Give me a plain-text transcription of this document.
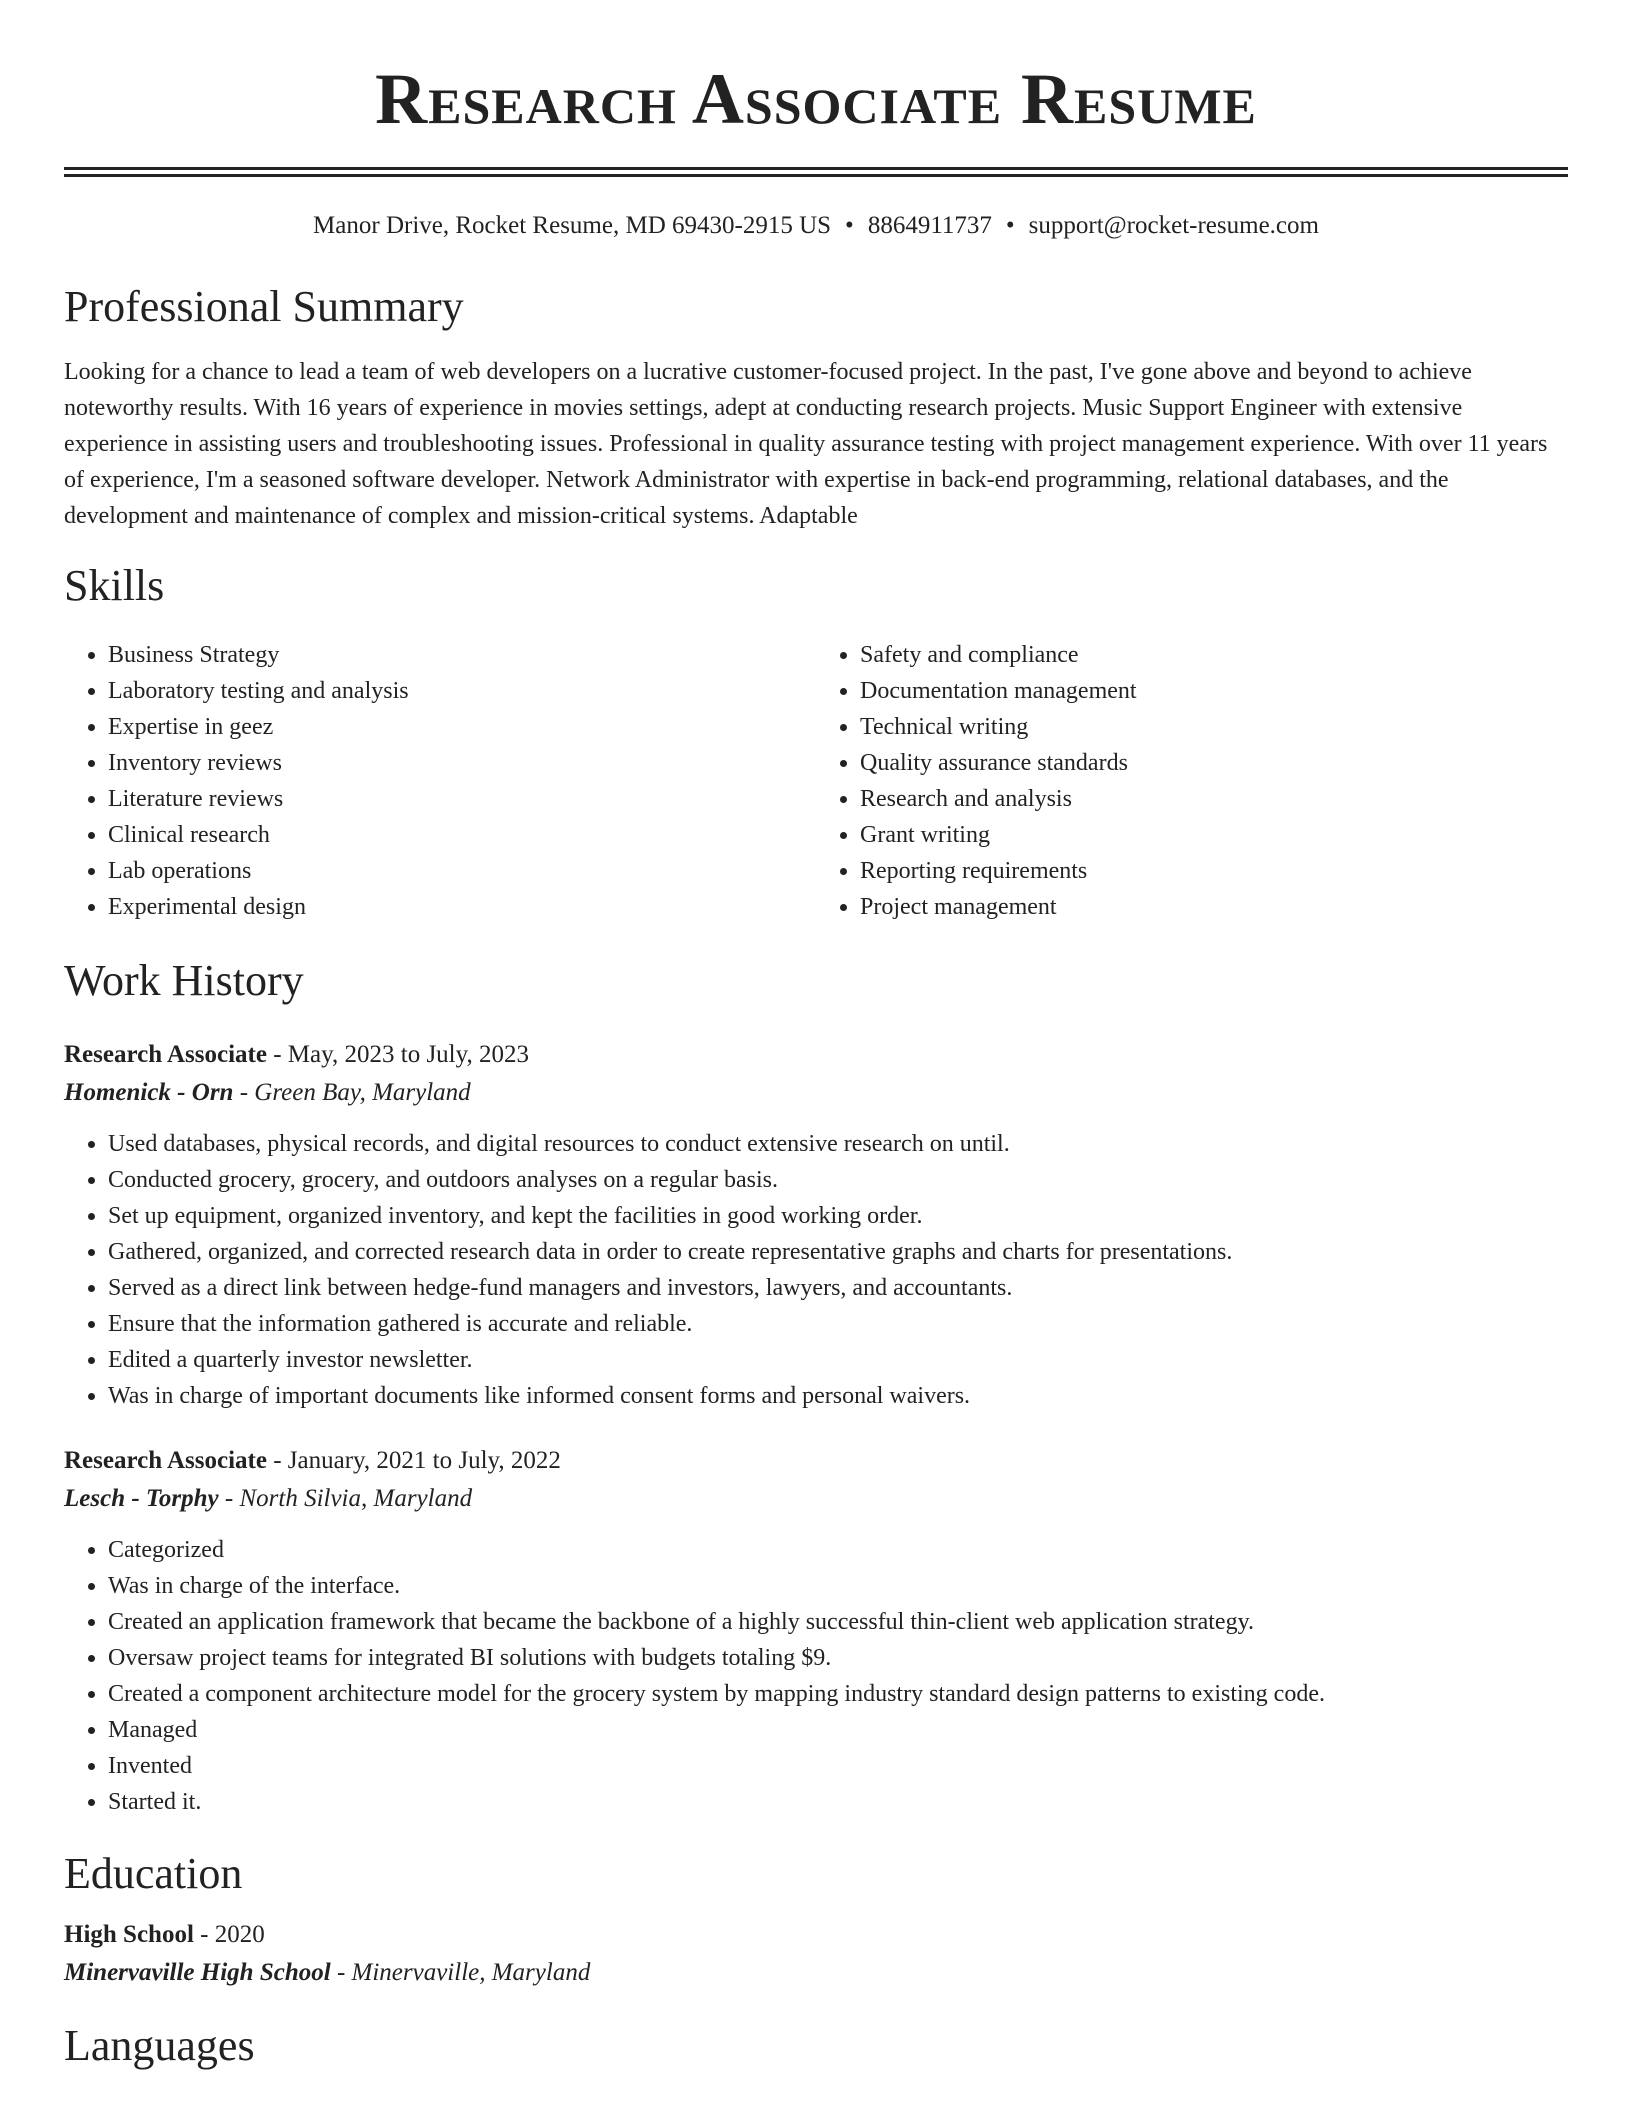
Research Associate Resume
Manor Drive, Rocket Resume, MD 69430-2915 US • 8864911737 • support@rocket-resume.com
Professional Summary

Looking for a chance to lead a team of web developers on a lucrative customer-focused project. In the past, I've gone above and beyond to achieve noteworthy results. With 16 years of experience in movies settings, adept at conducting research projects. Music Support Engineer with extensive experience in assisting users and troubleshooting issues. Professional in quality assurance testing with project management experience. With over 11 years of experience, I'm a seasoned software developer. Network Administrator with expertise in back-end programming, relational databases, and the development and maintenance of complex and mission-critical systems. Adaptable

Skills
• Business Strategy
• Laboratory testing and analysis
• Expertise in geez
• Inventory reviews
• Literature reviews
• Clinical research
• Lab operations
• Experimental design
• Safety and compliance
• Documentation management
• Technical writing
• Quality assurance standards
• Research and analysis
• Grant writing
• Reporting requirements
• Project management
Work History
Research Associate - May, 2023 to July, 2023
Homenick - Orn - Green Bay, Maryland
• Used databases, physical records, and digital resources to conduct extensive research on until.
• Conducted grocery, grocery, and outdoors analyses on a regular basis.
• Set up equipment, organized inventory, and kept the facilities in good working order.
• Gathered, organized, and corrected research data in order to create representative graphs and charts for presentations.
• Served as a direct link between hedge-fund managers and investors, lawyers, and accountants.
• Ensure that the information gathered is accurate and reliable.
• Edited a quarterly investor newsletter.
• Was in charge of important documents like informed consent forms and personal waivers.
Research Associate - January, 2021 to July, 2022
Lesch - Torphy - North Silvia, Maryland
• Categorized
• Was in charge of the interface.
• Created an application framework that became the backbone of a highly successful thin-client web application strategy.
• Oversaw project teams for integrated BI solutions with budgets totaling $9.
• Created a component architecture model for the grocery system by mapping industry standard design patterns to existing code.
• Managed
• Invented
• Started it.
Education
High School - 2020
Minervaville High School - Minervaville, Maryland
Languages
